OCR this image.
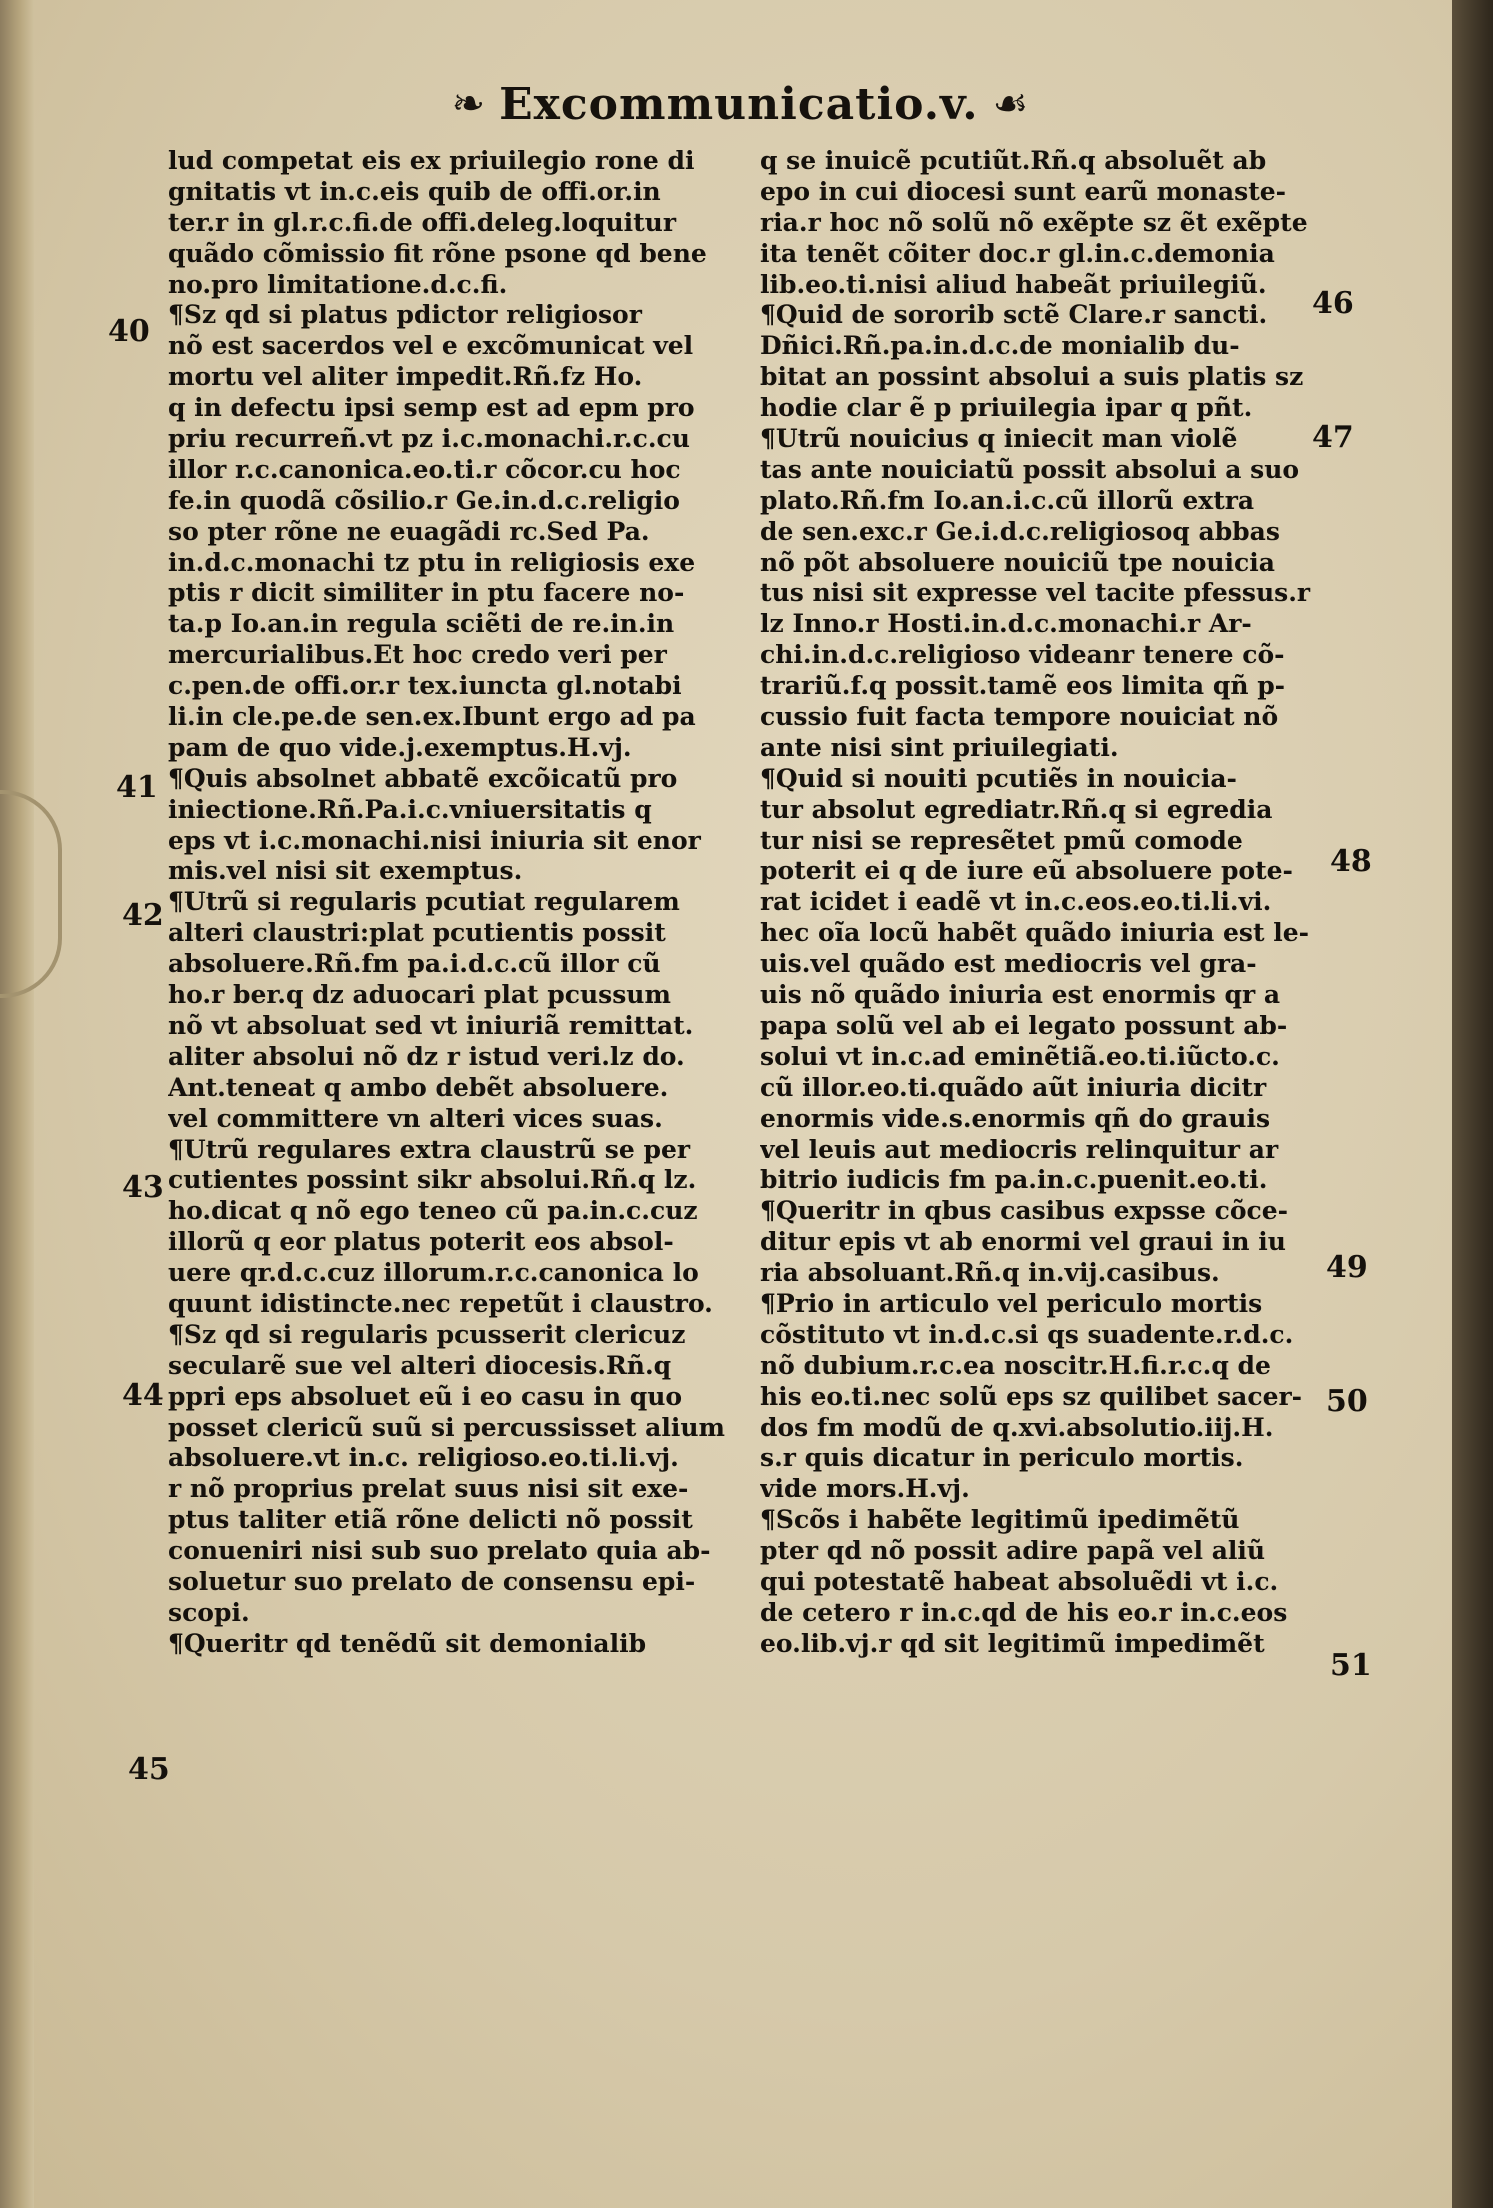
❧ Excommunicatio.v. ☙
lud competat eis ex priuilegio rone di
gnitatis vt in.c.eis quib de offi.or.in
ter.r in gl.r.c.fi.de offi.deleg.loquitur
quãdo cõmissio fit rõne psone qd bene
no.pro limitatione.d.c.fi.
¶Sz qd si platus pdictor religiosor
nõ est sacerdos vel e excõmunicat vel
mortu vel aliter impedit.Rñ.fz Ho.
q in defectu ipsi semp est ad epm pro
priu recurreñ.vt pz i.c.monachi.r.c.cu
illor r.c.canonica.eo.ti.r cõcor.cu hoc
fe.in quodã cõsilio.r Ge.in.d.c.religio
so pter rõne ne euagãdi rc.Sed Pa.
in.d.c.monachi tz ptu in religiosis exe
ptis r dicit similiter in ptu facere no-
ta.p Io.an.in regula sciẽti de re.in.in
mercurialibus.Et hoc credo veri per
c.pen.de offi.or.r tex.iuncta gl.notabi
li.in cle.pe.de sen.ex.Ibunt ergo ad pa
pam de quo vide.j.exemptus.H.vj.
¶Quis absolnet abbatẽ excõicatũ pro
iniectione.Rñ.Pa.i.c.vniuersitatis q
eps vt i.c.monachi.nisi iniuria sit enor
mis.vel nisi sit exemptus.
¶Utrũ si regularis pcutiat regularem
alteri claustri:plat pcutientis possit
absoluere.Rñ.fm pa.i.d.c.cũ illor cũ
ho.r ber.q dz aduocari plat pcussum
nõ vt absoluat sed vt iniuriã remittat.
aliter absolui nõ dz r istud veri.lz do.
Ant.teneat q ambo debẽt absoluere.
vel committere vn alteri vices suas.
¶Utrũ regulares extra claustrũ se per
cutientes possint sikr absolui.Rñ.q lz.
ho.dicat q nõ ego teneo cũ pa.in.c.cuz
illorũ q eor platus poterit eos absol-
uere qr.d.c.cuz illorum.r.c.canonica lo
quunt idistincte.nec repetũt i claustro.
¶Sz qd si regularis pcusserit clericuz
secularẽ sue vel alteri diocesis.Rñ.q
ppri eps absoluet eũ i eo casu in quo
posset clericũ suũ si percussisset alium
absoluere.vt in.c. religioso.eo.ti.li.vj.
r nõ proprius prelat suus nisi sit exe-
ptus taliter etiã rõne delicti nõ possit
conueniri nisi sub suo prelato quia ab-
soluetur suo prelato de consensu epi-
scopi.
¶Queritr qd tenẽdũ sit demonialib
q se inuicẽ pcutiũt.Rñ.q absoluẽt ab
epo in cui diocesi sunt earũ monaste-
ria.r hoc nõ solũ nõ exẽpte sz ẽt exẽpte
ita tenẽt cõiter doc.r gl.in.c.demonia
lib.eo.ti.nisi aliud habeãt priuilegiũ.
¶Quid de sororib sctẽ Clare.r sancti.
Dñici.Rñ.pa.in.d.c.de monialib du-
bitat an possint absolui a suis platis sz
hodie clar ẽ p priuilegia ipar q pñt.
¶Utrũ nouicius q iniecit man violẽ
tas ante nouiciatũ possit absolui a suo
plato.Rñ.fm Io.an.i.c.cũ illorũ extra
de sen.exc.r Ge.i.d.c.religiosoq abbas
nõ põt absoluere nouiciũ tpe nouicia
tus nisi sit expresse vel tacite pfessus.r
lz Inno.r Hosti.in.d.c.monachi.r Ar-
chi.in.d.c.religioso videanr tenere cõ-
trariũ.f.q possit.tamẽ eos limita qñ p-
cussio fuit facta tempore nouiciat nõ
ante nisi sint priuilegiati.
¶Quid si nouiti pcutiẽs in nouicia-
tur absolut egrediatr.Rñ.q si egredia
tur nisi se represẽtet pmũ comode
poterit ei q de iure eũ absoluere pote-
rat icidet i eadẽ vt in.c.eos.eo.ti.li.vi.
hec oĩa locũ habẽt quãdo iniuria est le-
uis.vel quãdo est mediocris vel gra-
uis nõ quãdo iniuria est enormis qr a
papa solũ vel ab ei legato possunt ab-
solui vt in.c.ad eminẽtiã.eo.ti.iũcto.c.
cũ illor.eo.ti.quãdo aũt iniuria dicitr
enormis vide.s.enormis qñ do grauis
vel leuis aut mediocris relinquitur ar
bitrio iudicis fm pa.in.c.puenit.eo.ti.
¶Queritr in qbus casibus expsse cõce-
ditur epis vt ab enormi vel graui in iu
ria absoluant.Rñ.q in.vij.casibus.
¶Prio in articulo vel periculo mortis
cõstituto vt in.d.c.si qs suadente.r.d.c.
nõ dubium.r.c.ea noscitr.H.fi.r.c.q de
his eo.ti.nec solũ eps sz quilibet sacer-
dos fm modũ de q.xvi.absolutio.iij.H.
s.r quis dicatur in periculo mortis.
vide mors.H.vj.
¶Scõs i habẽte legitimũ ipedimẽtũ
pter qd nõ possit adire papã vel aliũ
qui potestatẽ habeat absoluẽdi vt i.c.
de cetero r in.c.qd de his eo.r in.c.eos
eo.lib.vj.r qd sit legitimũ impedimẽt
40
41
42
43
44
45
46
47
48
49
50
51
